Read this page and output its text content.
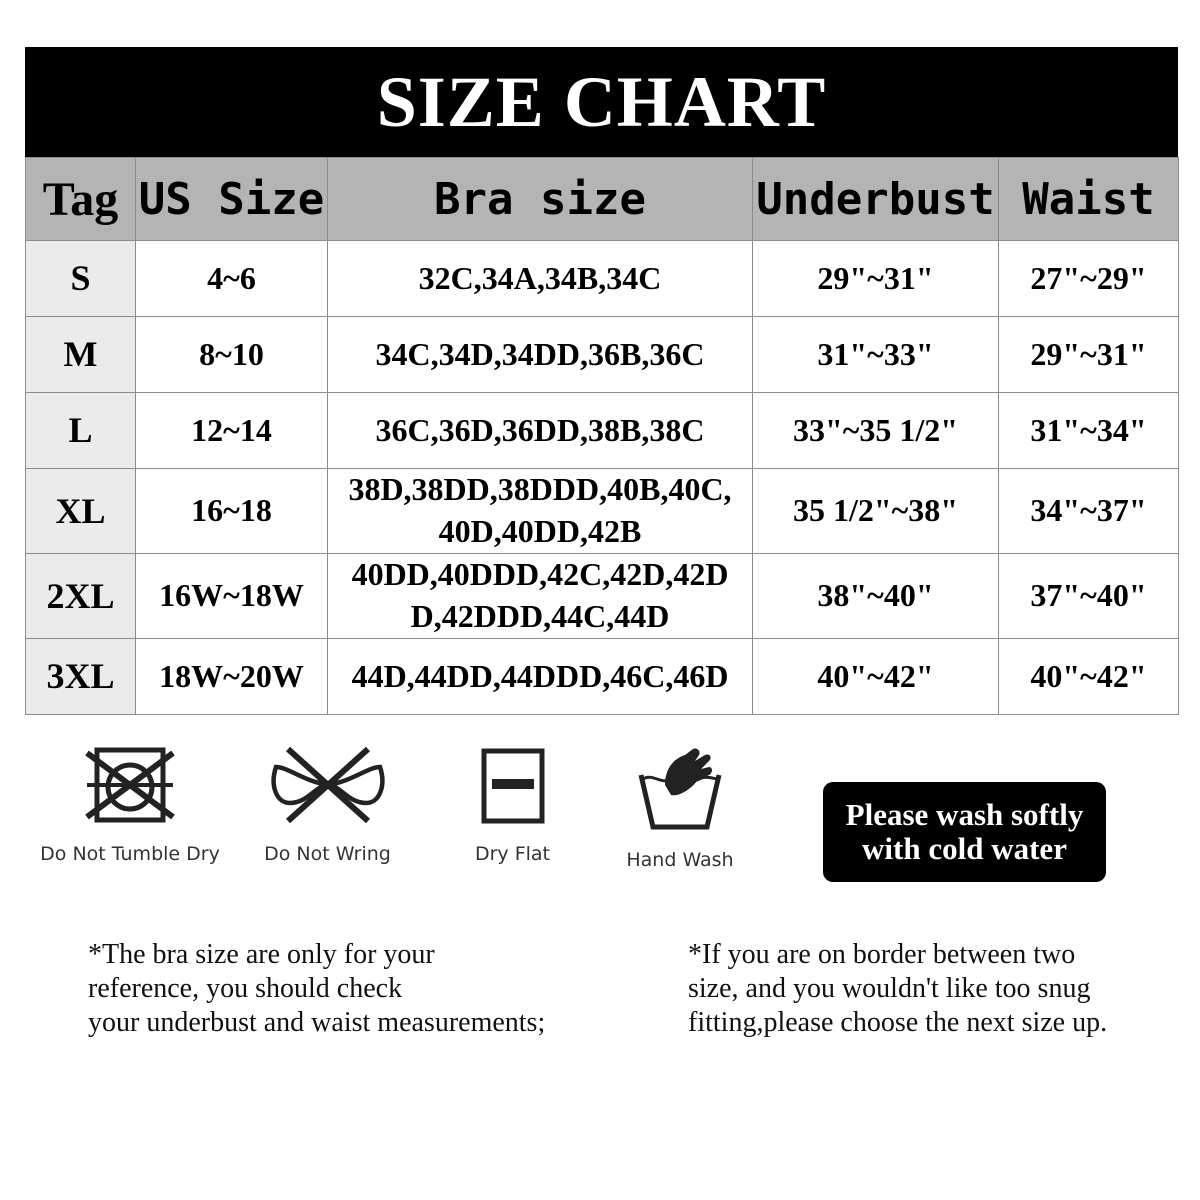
SIZE CHART
Tag	US Size	Bra size	Underbust	Waist
S	4~6	32C,34A,34B,34C	29"~31"	27"~29"
M	8~10	34C,34D,34DD,36B,36C	31"~33"	29"~31"
L	12~14	36C,36D,36DD,38B,38C	33"~35 1/2"	31"~34"
XL	16~18	38D,38DD,38DDD,40B,40C,
40D,40DD,42B	35 1/2"~38"	34"~37"
2XL	16W~18W	40DD,40DDD,42C,42D,42D
D,42DDD,44C,44D	38"~40"	37"~40"
3XL	18W~20W	44D,44DD,44DDD,46C,46D	40"~42"	40"~42"
Do Not Tumble Dry	Do Not Wring	Dry Flat	Hand Wash
Please wash softly
with cold water
*The bra size are only for your
reference, you should check
your underbust and waist measurements;
*If you are on border between two
size, and you wouldn't like too snug
fitting,please choose the next size up.
